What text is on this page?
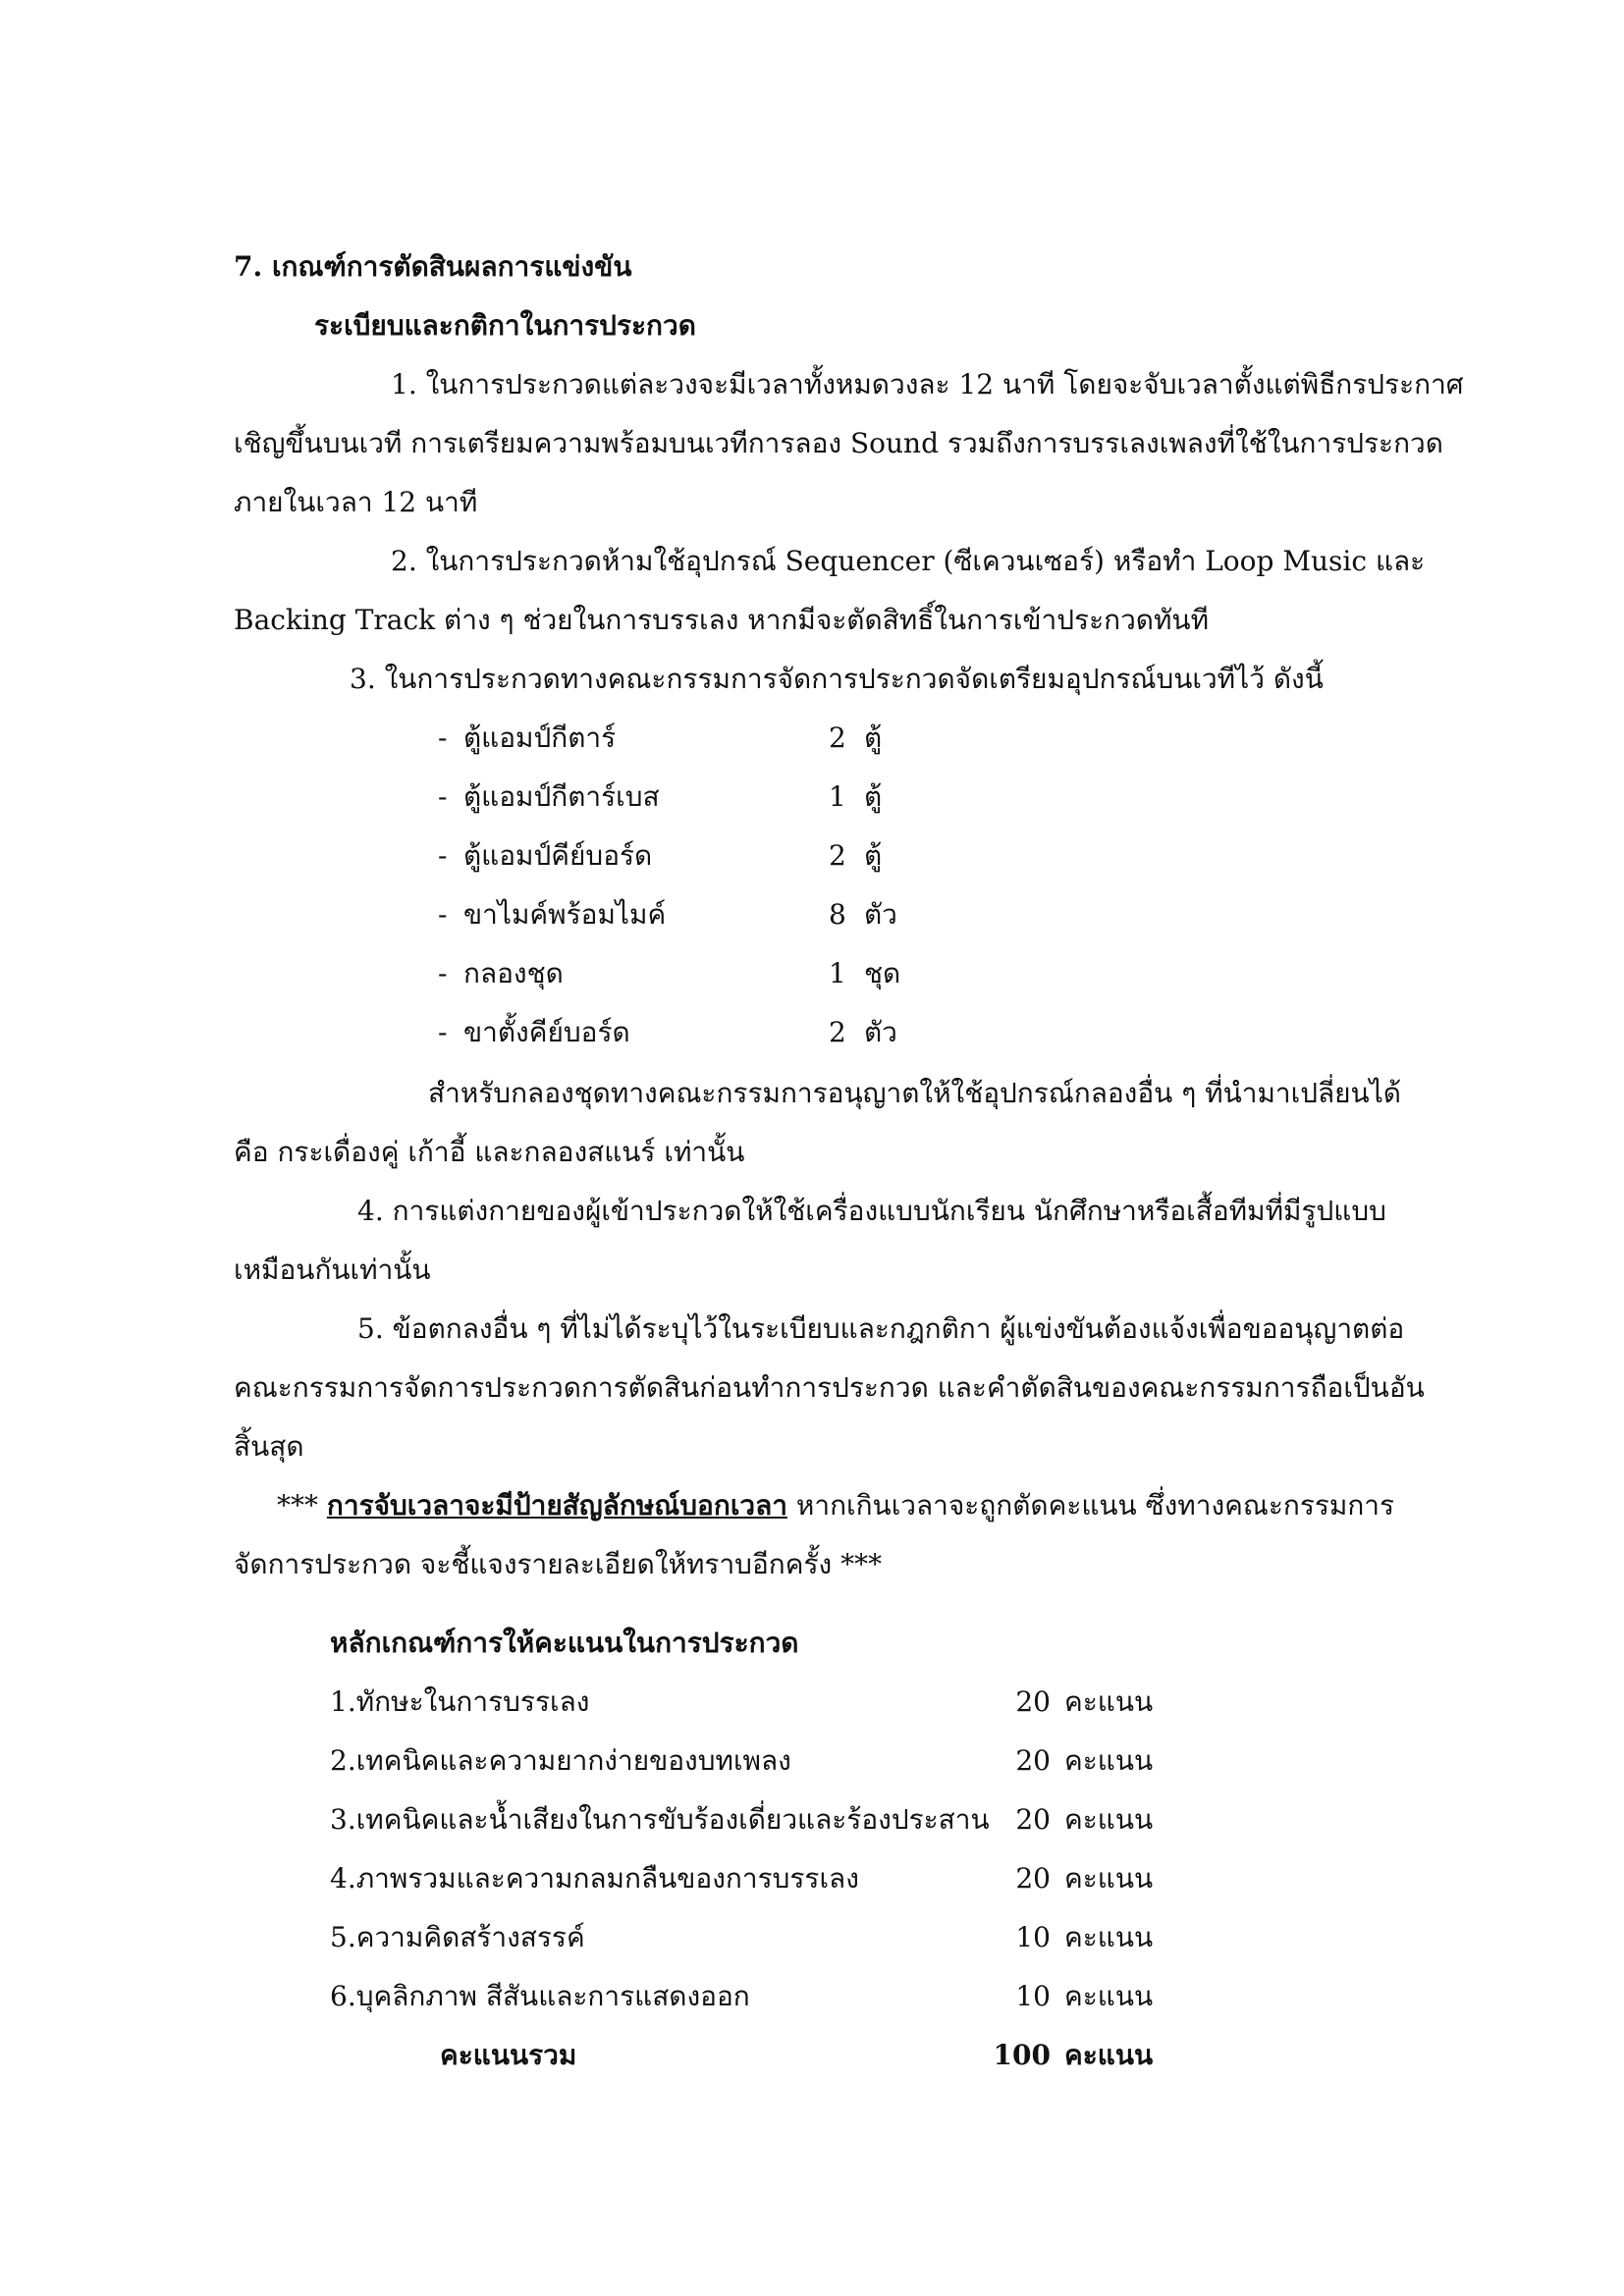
7. เกณฑ์การตัดสินผลการแข่งขัน

ระเบียบและกติกาในการประกวด

1. ในการประกวดแต่ละวงจะมีเวลาทั้งหมดวงละ 12 นาที โดยจะจับเวลาตั้งแต่พิธีกรประกาศ

เชิญขึ้นบนเวที การเตรียมความพร้อมบนเวทีการลอง Sound รวมถึงการบรรเลงเพลงที่ใช้ในการประกวด

ภายในเวลา 12 นาที

2. ในการประกวดห้ามใช้อุปกรณ์ Sequencer (ซีเควนเซอร์) หรือทำ Loop Music และ

Backing Track ต่าง ๆ ช่วยในการบรรเลง หากมีจะตัดสิทธิ์ในการเข้าประกวดทันที

3. ในการประกวดทางคณะกรรมการจัดการประกวดจัดเตรียมอุปกรณ์บนเวทีไว้ ดังนี้

- ตู้แอมป์กีตาร์	2 ตู้
- ตู้แอมป์กีตาร์เบส	1 ตู้
- ตู้แอมป์คีย์บอร์ด	2 ตู้
- ขาไมค์พร้อมไมค์	8 ตัว
- กลองชุด	1 ชุด
- ขาตั้งคีย์บอร์ด	2 ตัว

สำหรับกลองชุดทางคณะกรรมการอนุญาตให้ใช้อุปกรณ์กลองอื่น ๆ ที่นำมาเปลี่ยนได้

คือ กระเดื่องคู่ เก้าอี้ และกลองสแนร์ เท่านั้น

4. การแต่งกายของผู้เข้าประกวดให้ใช้เครื่องแบบนักเรียน นักศึกษาหรือเสื้อทีมที่มีรูปแบบ

เหมือนกันเท่านั้น

5. ข้อตกลงอื่น ๆ ที่ไม่ได้ระบุไว้ในระเบียบและกฎกติกา ผู้แข่งขันต้องแจ้งเพื่อขออนุญาตต่อ

คณะกรรมการจัดการประกวดการตัดสินก่อนทำการประกวด และคำตัดสินของคณะกรรมการถือเป็นอัน

สิ้นสุด

*** การจับเวลาจะมีป้ายสัญลักษณ์บอกเวลา หากเกินเวลาจะถูกตัดคะแนน ซึ่งทางคณะกรรมการ

จัดการประกวด จะชี้แจงรายละเอียดให้ทราบอีกครั้ง ***

หลักเกณฑ์การให้คะแนนในการประกวด

1.ทักษะในการบรรเลง	20 คะแนน
2.เทคนิคและความยากง่ายของบทเพลง	20 คะแนน
3.เทคนิคและน้ำเสียงในการขับร้องเดี่ยวและร้องประสาน 20 คะแนน
4.ภาพรวมและความกลมกลืนของการบรรเลง	20 คะแนน
5.ความคิดสร้างสรรค์	10 คะแนน
6.บุคลิกภาพ สีสันและการแสดงออก	10 คะแนน
คะแนนรวม	100 คะแนน
